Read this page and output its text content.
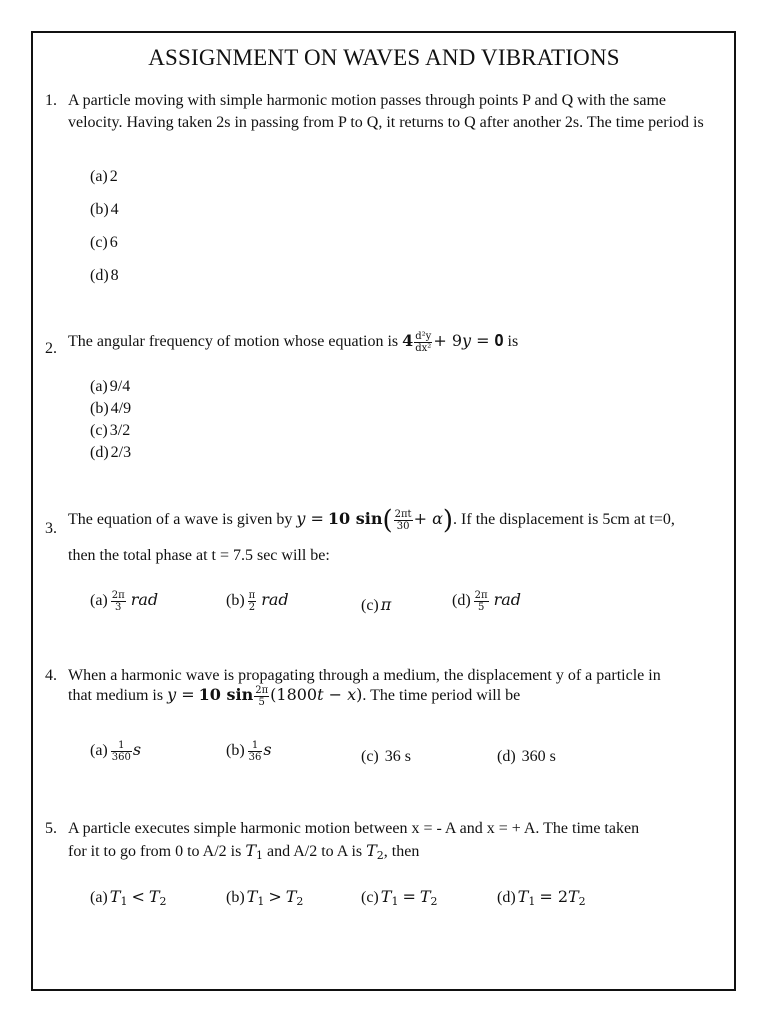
ASSIGNMENT ON WAVES AND VIBRATIONS
1. A particle moving with simple harmonic motion passes through points P and Q with the same velocity. Having taken 2s in passing from P to Q, it returns to Q after another 2s. The time period is
(a) 2
(b) 4
(c) 6
(d) 8
2. The angular frequency of motion whose equation is $4 \frac{\text{d²y}}{\text{dx²}}$ + 9𝑦 = 𝟎 is
(a) 9/4
(b) 4/9
(c) 3/2
(d) 2/3
3.
The equation of a wave is given by 𝑦 = 10 $\sin( \frac{2\pi t}{30} + \alpha)$. If the displacement is 5cm at t=0,
then the total phase at t = 7.5 sec will be:
$(a) \frac{2\pi}{3}$ rad	$(b) \frac{\pi}{2}$ rad	(c) π	$(d) \frac{2\pi}{5}$ rad
4. When a harmonic wave is propagating through a medium, the displacement y of a particle in
that medium is 𝑦 = 10 $\sin \frac{2\pi}{5}$ (1800𝑡 − 𝑥). The time period will be
$(a) \frac{1}{360}$ s	$(b) \frac{1}{36}$ s	(c) 36 s	(d) 360 s
5. A particle executes simple harmonic motion between x = - A and x = + A. The time taken
for it to go from 0 to A/2 is $T_1$ and A/2 to A is $T_2$, then
(a) $T_1 < T_2$	(b) $T_1 > T_2$	(c) $T_1 = T_2$	(d) $T_1 = 2T_2$
